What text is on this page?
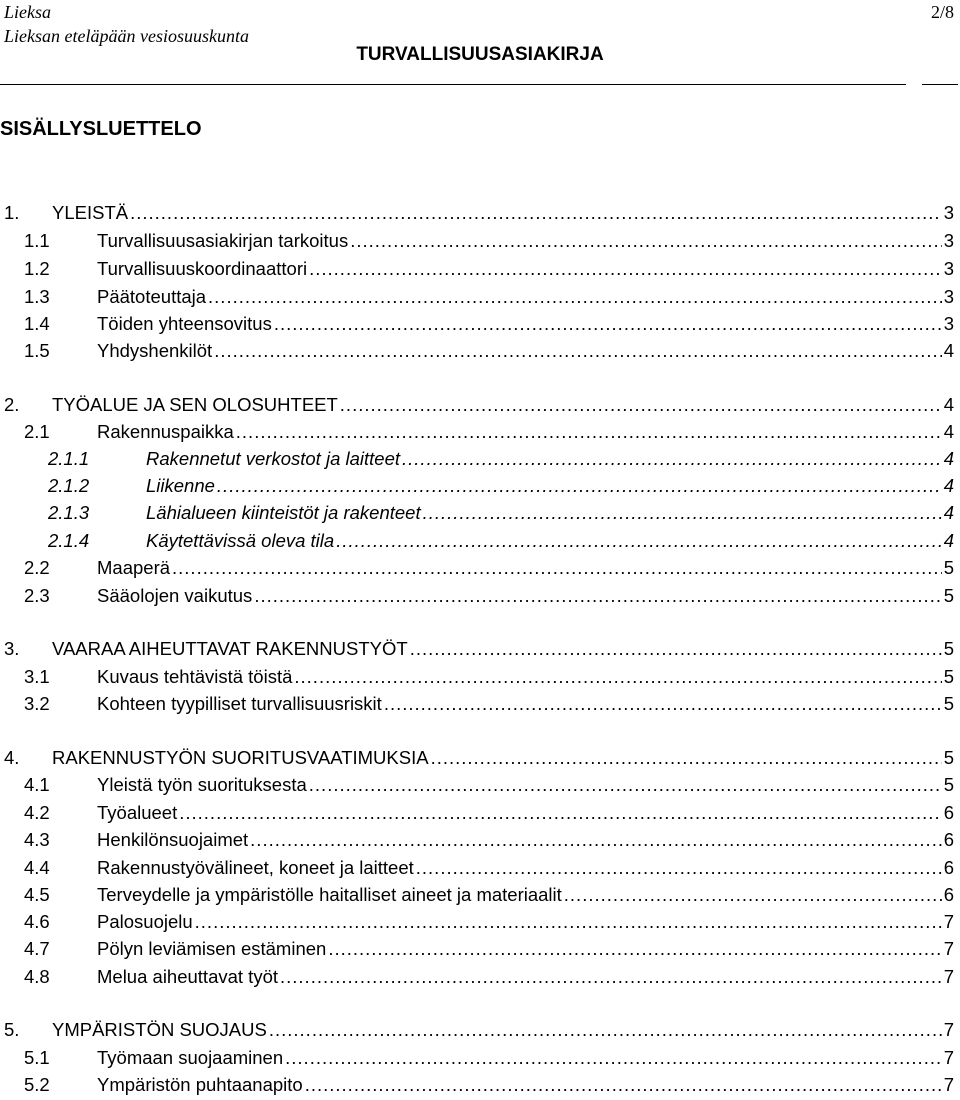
Lieksa
Lieksan eteläpään vesiosuuskunta
2/8
TURVALLISUUSASIAKIRJA
SISÄLLYSLUETTELO
1.	YLEISTÄ .....	3
1.1	Turvallisuusasiakirjan tarkoitus .....	3
1.2	Turvallisuuskoordinaattori .....	3
1.3	Päätoteuttaja .....	3
1.4	Töiden yhteensovitus .....	3
1.5	Yhdyshenkilöt .....	4
2.	TYÖALUE JA SEN OLOSUHTEET .....	4
2.1	Rakennuspaikka .....	4
2.1.1	Rakennetut verkostot ja laitteet .....	4
2.1.2	Liikenne .....	4
2.1.3	Lähialueen kiinteistöt ja rakenteet .....	4
2.1.4	Käytettävissä oleva tila .....	4
2.2	Maaperä .....	5
2.3	Sääolojen vaikutus .....	5
3.	VAARAA AIHEUTTAVAT RAKENNUSTYÖT .....	5
3.1	Kuvaus tehtävistä töistä .....	5
3.2	Kohteen tyypilliset turvallisuusriskit .....	5
4.	RAKENNUSTYÖN SUORITUSVAATIMUKSIA .....	5
4.1	Yleistä työn suorituksesta .....	5
4.2	Työalueet .....	6
4.3	Henkilönsuojaimet .....	6
4.4	Rakennustyövälineet, koneet ja laitteet .....	6
4.5	Terveydelle ja ympäristölle haitalliset aineet ja materiaalit .....	6
4.6	Palosuojelu .....	7
4.7	Pölyn leviämisen estäminen .....	7
4.8	Melua aiheuttavat työt .....	7
5.	YMPÄRISTÖN SUOJAUS .....	7
5.1	Työmaan suojaaminen .....	7
5.2	Ympäristön puhtaanapito .....	7
